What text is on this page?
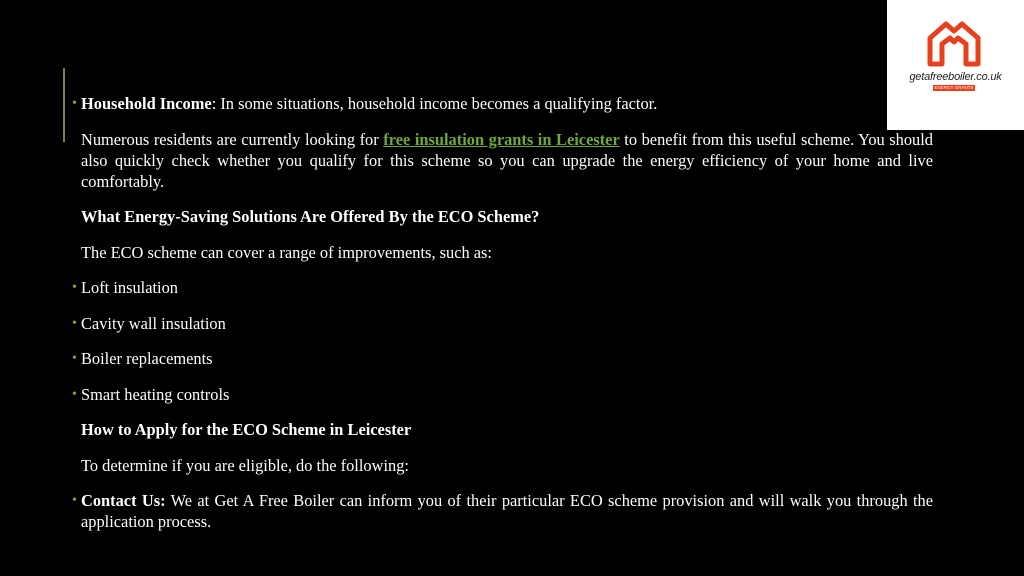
getafreeboiler.co.uk
ENERGY GRANTS
• Household Income: In some situations, household income becomes a qualifying factor.

Numerous residents are currently looking for free insulation grants in Leicester to benefit from this useful scheme. You should also quickly check whether you qualify for this scheme so you can upgrade the energy efficiency of your home and live comfortably.

What Energy-Saving Solutions Are Offered By the ECO Scheme?

The ECO scheme can cover a range of improvements, such as:

• Loft insulation
• Cavity wall insulation
• Boiler replacements
• Smart heating controls

How to Apply for the ECO Scheme in Leicester

To determine if you are eligible, do the following:

• Contact Us: We at Get A Free Boiler can inform you of their particular ECO scheme provision and will walk you through the application process.
